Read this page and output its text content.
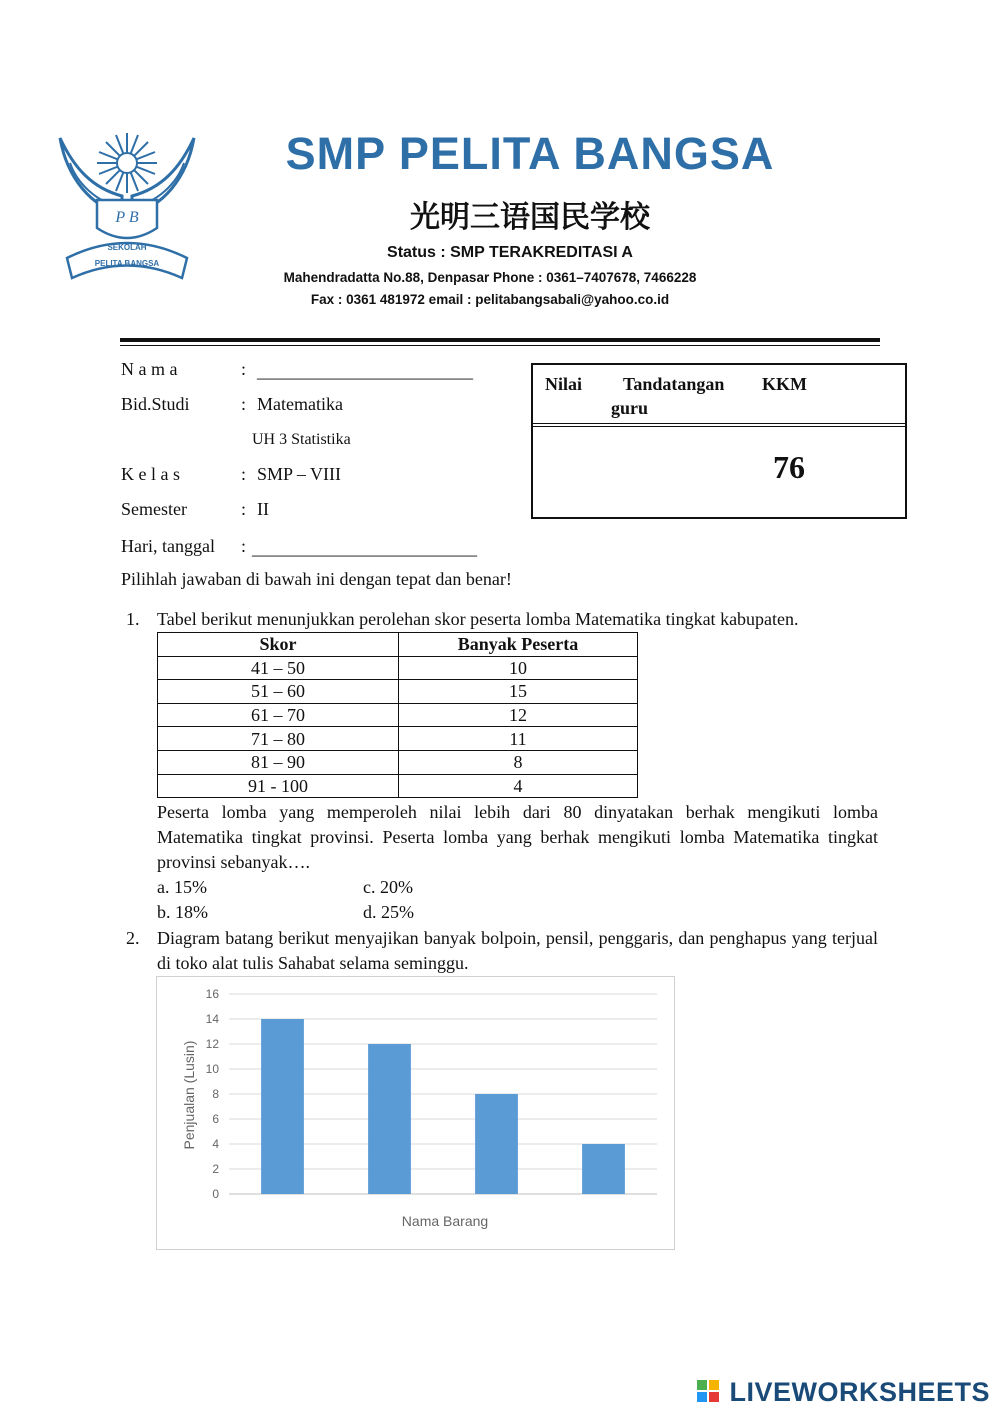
P B
SEKOLAH
PELITA BANGSA
SMP PELITA BANGSA
光明三语国民学校
Status : SMP TERAKREDITASI A
Mahendradatta No.88, Denpasar Phone : 0361–7407678, 7466228
Fax : 0361 481972 email : pelitabangsabali@yahoo.co.id
N a m a	: ________________________
Bid.Studi	: Matematika
UH 3 Statistika
K e l a s	: SMP – VIII
Semester	: II
Hari, tanggal : _________________________
Nilai Tandatangan
guru
KKM
76
Pilihlah jawaban di bawah ini dengan tepat dan benar!
1. Tabel berikut menunjukkan perolehan skor peserta lomba Matematika tingkat kabupaten.
Skor	Banyak Peserta
41 – 50	10
51 – 60	15
61 – 70	12
71 – 80	11
81 – 90	8
91 - 100	4
Peserta lomba yang memperoleh nilai lebih dari 80 dinyatakan berhak mengikuti lomba Matematika tingkat provinsi. Peserta lomba yang berhak mengikuti lomba Matematika tingkat provinsi sebanyak….
a. 15%	c. 20%
b. 18%	d. 25%
2. Diagram batang berikut menyajikan banyak bolpoin, pensil, penggaris, dan penghapus yang terjual di toko alat tulis Sahabat selama seminggu.
0
2
4
6
8
10
12
14
16
Penjualan (Lusin)
Nama Barang
LIVEWORKSHEETS
